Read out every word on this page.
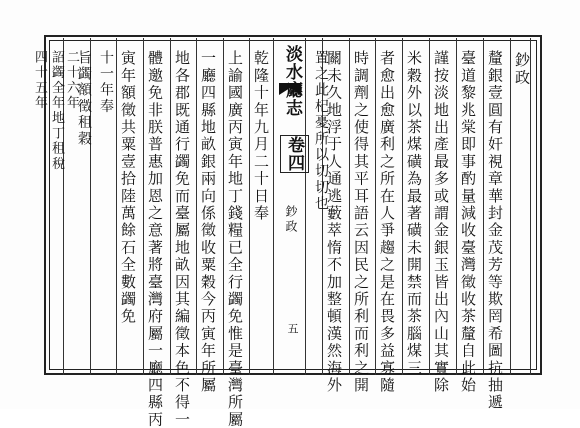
鈔政
釐銀壹圓有奸視章華封金茂芳等欺罔希圖抗抽遞
臺道黎兆棠即事酌量減收臺灣徵收茶釐自此始
謹按淡地出產最多或謂金銀玉皆出內山其實除
米穀外以茶煤磺為最著磺未開禁而茶腦煤三
者愈出愈廣利之所在人爭趨之是在畏多益寡隨
時調劑之使得其平耳語云因民之所利而利之開
關未久地浮于人通逃藪萃惰不加整頓漢然海外
置之此杞憂所以切切也
淡水廳志
卷四
鈔政
五
乾隆十年九月二十日奉
上諭國廣丙寅年地丁錢糧已全行蠲免惟是臺灣所屬
一廳四縣地畝銀兩向係徵收粟穀今丙寅年所屬
地各郡既通行蠲免而臺屬地畝因其編徵本色不得一
體邀免非朕普惠加恩之意著將臺灣府屬一廳四縣丙
寅年額徵共粟壹拾陸萬餘石全數蠲免
十一年奉
旨蠲額徵租穀
二十六年
詔蠲全年地丁租稅
四十五年
